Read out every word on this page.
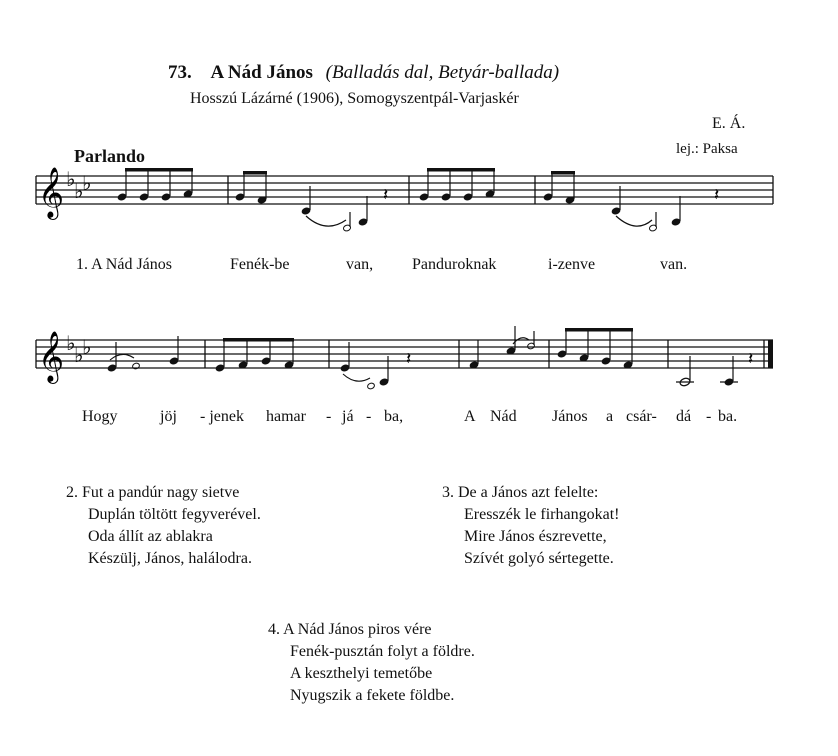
73. A Nád János (Balladás dal, Betyár-ballada)
Hosszú Lázárné (1906), Somogyszentpál-Varjaskér
E. Á.
lej.: Paksa
Parlando
𝄞 ♭
♭
♭	𝄽	𝄽
𝄞 ♭
♭
♭	𝄽	𝄽
1. A Nád János	Fenék-be	van, Panduroknak	i-zenve	van.
Hogy	jöj - jenek hamar - já - ba,	A Nád János a csár- dá - ba.
2. Fut a pandúr nagy sietve
Duplán töltött fegyverével.
Oda állít az ablakra
Készülj, János, halálodra.
3. De a János azt felelte:
Eresszék le firhangokat!
Mire János észrevette,
Szívét golyó sértegette.
4. A Nád János piros vére
Fenék-pusztán folyt a földre.
A keszthelyi temetőbe
Nyugszik a fekete földbe.
